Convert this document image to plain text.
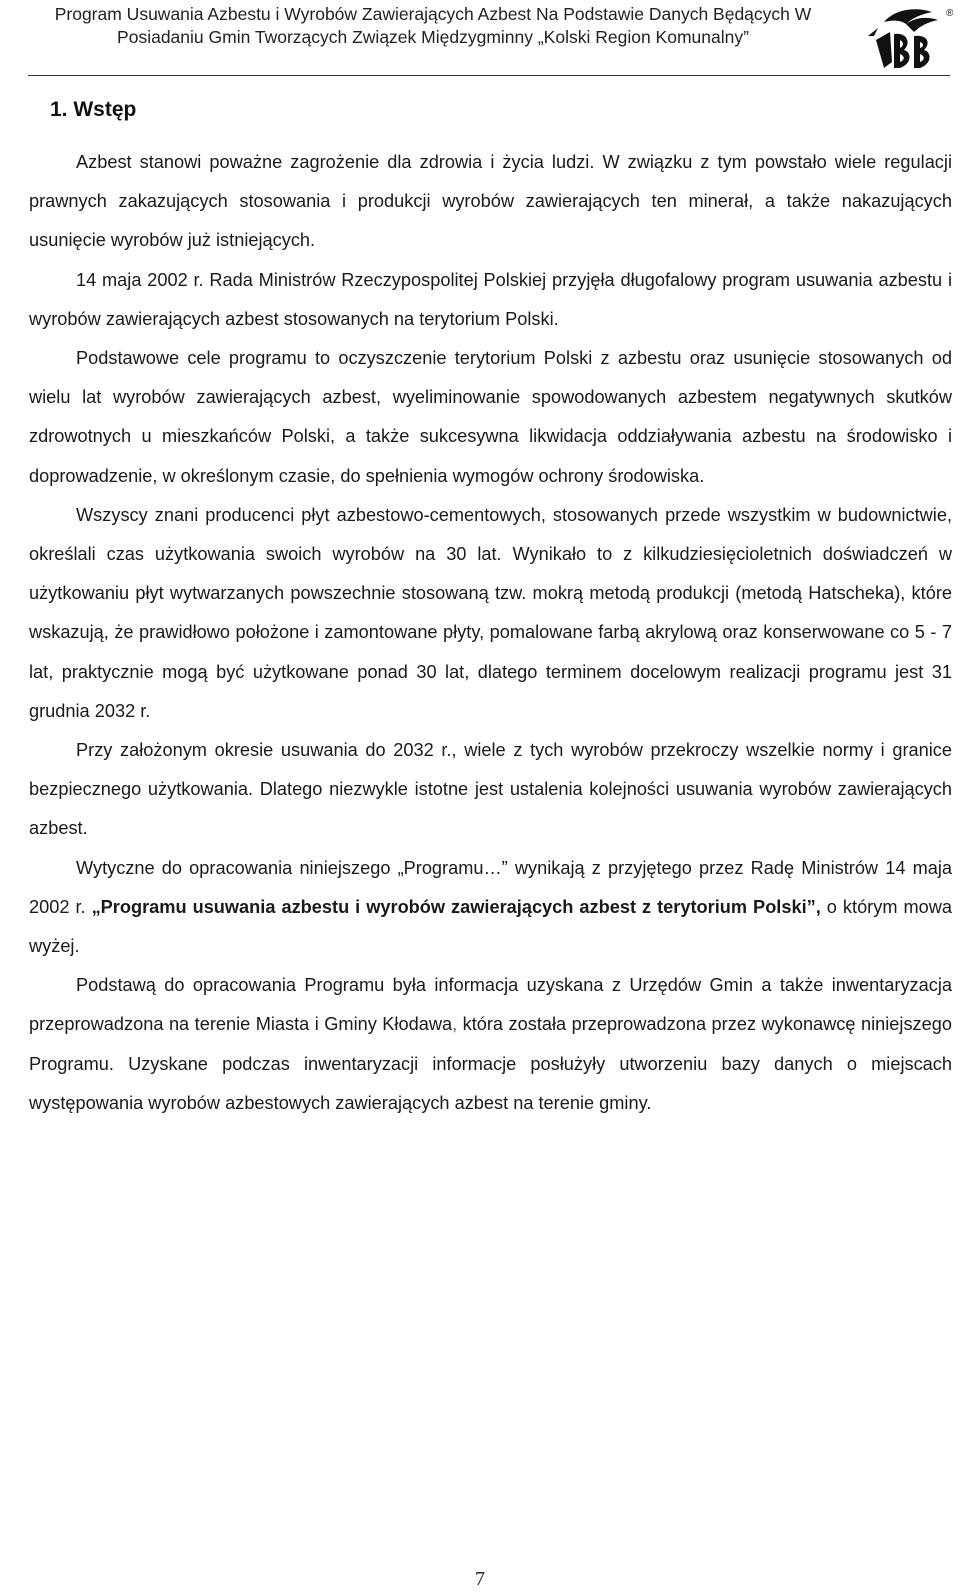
Program Usuwania Azbestu i Wyrobów Zawierających Azbest Na Podstawie Danych Będących W Posiadaniu Gmin Tworzących Związek Międzygminny „Kolski Region Komunalny”
®
1. Wstęp

Azbest stanowi poważne zagrożenie dla zdrowia i życia ludzi. W związku z tym powstało wiele regulacji prawnych zakazujących stosowania i produkcji wyrobów zawierających ten minerał, a także nakazujących usunięcie wyrobów już istniejących.

14 maja 2002 r. Rada Ministrów Rzeczypospolitej Polskiej przyjęła długofalowy program usuwania azbestu i wyrobów zawierających azbest stosowanych na terytorium Polski.

Podstawowe cele programu to oczyszczenie terytorium Polski z azbestu oraz usunięcie stosowanych od wielu lat wyrobów zawierających azbest, wyeliminowanie spowodowanych azbestem negatywnych skutków zdrowotnych u mieszkańców Polski, a także sukcesywna likwidacja oddziaływania azbestu na środowisko i doprowadzenie, w określonym czasie, do spełnienia wymogów ochrony środowiska.

Wszyscy znani producenci płyt azbestowo-cementowych, stosowanych przede wszystkim w budownictwie, określali czas użytkowania swoich wyrobów na 30 lat. Wynikało to z kilkudziesięcioletnich doświadczeń w użytkowaniu płyt wytwarzanych powszechnie stosowaną tzw. mokrą metodą produkcji (metodą Hatscheka), które wskazują, że prawidłowo położone i zamontowane płyty, pomalowane farbą akrylową oraz konserwowane co 5 - 7 lat, praktycznie mogą być użytkowane ponad 30 lat, dlatego terminem docelowym realizacji programu jest 31 grudnia 2032 r.

Przy założonym okresie usuwania do 2032 r., wiele z tych wyrobów przekroczy wszelkie normy i granice bezpiecznego użytkowania. Dlatego niezwykle istotne jest ustalenia kolejności usuwania wyrobów zawierających azbest.

Wytyczne do opracowania niniejszego „Programu…” wynikają z przyjętego przez Radę Ministrów 14 maja 2002 r. „Programu usuwania azbestu i wyrobów zawierających azbest z terytorium Polski”, o którym mowa wyżej.

Podstawą do opracowania Programu była informacja uzyskana z Urzędów Gmin a także inwentaryzacja przeprowadzona na terenie Miasta i Gminy Kłodawa, która została przeprowadzona przez wykonawcę niniejszego Programu. Uzyskane podczas inwentaryzacji informacje posłużyły utworzeniu bazy danych o miejscach występowania wyrobów azbestowych zawierających azbest na terenie gminy.

7
